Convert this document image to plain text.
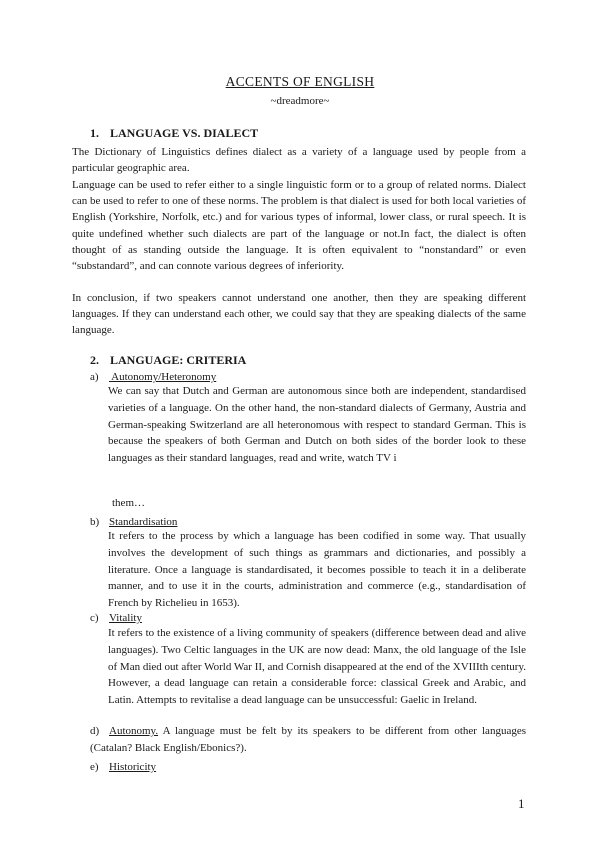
ACCENTS OF ENGLISH
~dreadmore~
1. LANGUAGE VS. DIALECT
The Dictionary of Linguistics defines dialect as a variety of a language used by people from a particular geographic area.
Language can be used to refer either to a single linguistic form or to a group of related norms. Dialect can be used to refer to one of these norms. The problem is that dialect is used for both local varieties of English (Yorkshire, Norfolk, etc.) and for various types of informal, lower class, or rural speech. It is quite undefined whether such dialects are part of the language or not.In fact, the dialect is often thought of as standing outside the language. It is often equivalent to “nonstandard” or even “substandard”, and can connote various degrees of inferiority.
In conclusion, if two speakers cannot understand one another, then they are speaking different languages. If they can understand each other, we could say that they are speaking dialects of the same language.
2. LANGUAGE: CRITERIA
a) Autonomy/Heteronomy
We can say that Dutch and German are autonomous since both are independent, standardised varieties of a language. On the other hand, the non-standard dialects of Germany, Austria and German-speaking Switzerland are all heteronomous with respect to standard German. This is because the speakers of both German and Dutch on both sides of the border look to these languages as their standard languages, read and write, watch TV i
them…
b) Standardisation
It refers to the process by which a language has been codified in some way. That usually involves the development of such things as grammars and dictionaries, and possibly a literature. Once a language is standardisated, it becomes possible to teach it in a deliberate manner, and to use it in the courts, administration and commerce (e.g., standardisation of French by Richelieu in 1653).
c) Vitality
It refers to the existence of a living community of speakers (difference between dead and alive languages). Two Celtic languages in the UK are now dead: Manx, the old language of the Isle of Man died out after World War II, and Cornish disappeared at the end of the XVIIIth century. However, a dead language can retain a considerable force: classical Greek and Arabic, and Latin. Attempts to revitalise a dead language can be unsuccessful: Gaelic in Ireland.
d) Autonomy. A language must be felt by its speakers to be different from other languages (Catalan? Black English/Ebonics?).
e) Historicity
1
